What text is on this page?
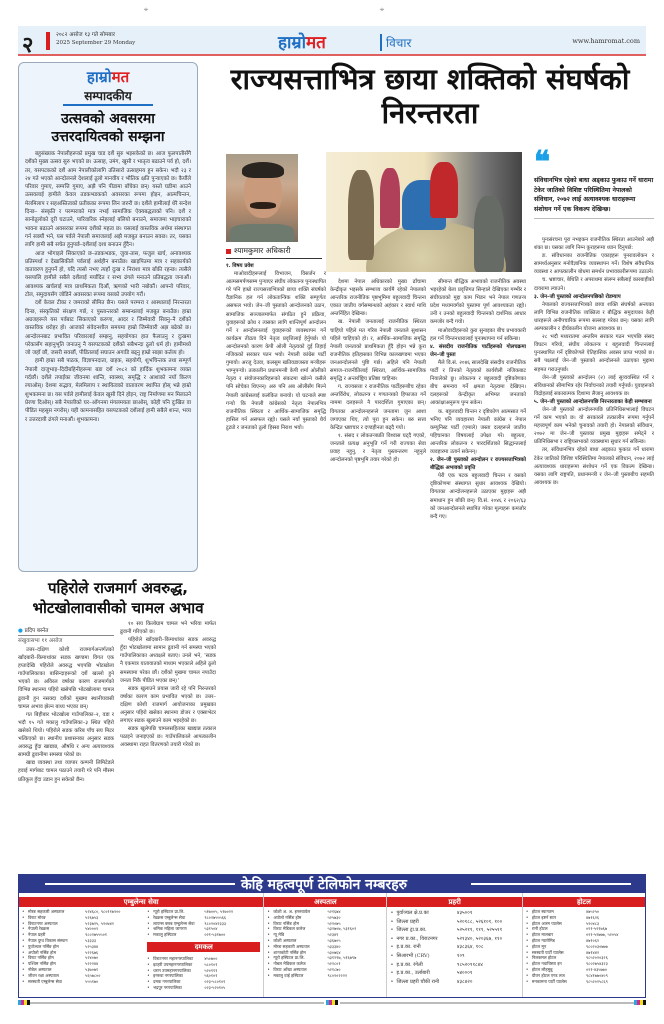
⌖	⌖
२	२०८२ असोज १३ गते सोमबार
2025 September 29 Monday	हाम्रोमत	विचार	www.hamromat.com
हाम्रोमत
सम्पादकीय
उत्सवको अवसरमा उत्तरदायित्वको सम्झना

बहुसंख्यक नेपालीहरूको प्रमुख चाड दशैं सुरु भइसकेको छ। आज फूलपातीसँगै दशैंको मुख्य उत्सव सुरु भएको छ। उत्साह, उमंग, खुसी र भातृत्व बढाउने पर्व हो, दशैं। तर, यसपटकको दशैं आम नेपालीकोलागि उतिसारो उत्साहमय हुन सकेन। भदौ २३ र २४ गते भएको आन्दोलनले देशलाई ठूलो मानवीय र भौतिक क्षति पुर्‍याएको छ। कैयौंले परिवार गुमाए, सम्पत्ति गुमाए, अझै पनि पीडामा बाँचेका छन्। यस्तो घडीमा आउने उत्सवलाई हामीले केवल तडकभडकको अवसरका रूपमा होइन, आत्मचिन्तन, मेलमिलाप र सहअस्तित्वको प्रतीकका रूपमा लिन जरुरी छ। दशैंले हामीलाई धेरै सन्देश दिन्छ– संस्कृति र परम्पराको मात्र नभई सामाजिक ऐक्यबद्धताको पनि। दशैं र सानोठूलोको दूरी घटाउने, पारिवारिक स्नेहलाई बलियो बनाउने, समाजमा भाइचाराको भावना बढाउने अवसरका रूपमा दशैंको महत्व छ। यसलाई वास्तविक अर्थमा संस्थागत गर्न सक्यौं भने, यस पर्वले नेपाली समाजलाई अझै मजबुत बनाउन सक्छ। तर, यसका लागि हामी सबै सचेत हुनुपर्छ–दशैंलाई दशा बनाउन हुँदैन।

आज भोगाइले सिकाएको छ–तडकभडक, जुवा-तास, फजुल खर्च, अनावश्यक प्रतिस्पर्धा र देखासिकीले पर्वलाई अर्थहीन बनाउँछ। खाइपिउमा मात्र र सहकार्यको वातावरण हुनुपर्ने हो, यदि त्यसो नभए त्यहाँ दुःख र निराशा मात्र बाँकी रहन्छ। त्यसैले यसपालि हामीले सबैले दशैंलाई मर्यादित र सभ्य ढंगले मनाउने प्रतिबद्धता जनाऔं। आवश्यक खर्चलाई मात्र प्राथमिकता दिऔं, ऋणको भारी नबोकौं। आफ्नो परिवार, टोल, समुदायसँग जोडिने अवसरका रूपमा यसको उपयोग गरौं।

दशैं केवल टीका र जमराको सीमित छैन। यसले परम्परा र आस्थालाई निरन्तरता दिन्छ, संस्कृतिको संरक्षण गर्छ, र पुस्तान्तरको सम्बन्धलाई मजबुत बनाउँछ। हाम्रा अग्रजहरूले यस पर्वबाट सिकाएको करुणा, आदर र जिम्मेवारी सिक्नु–नै दशैंको वास्तविक धरोहर हो। आजको संवेदनशील समयमा हाम्रो जिम्मेवारी अझ बढेको छ। आन्दोलनबाट प्रभावित परिवारलाई सम्झनु, सहयोगका हात फैलाउनु र दुःखमा परेकासँग सहानुभूति जनाउनु नै यसपटकको दशैंको सबैभन्दा ठूलो धर्म हो। हामीमध्ये जो जहाँ छौं, जसरी सक्छौं, पीडितलाई सघाउन अगाडि बढ्नु हाम्रो साझा कर्तव्य हो।

हामी हाम्रा सबै पाठक, विज्ञापनदाता, ग्राहक, सहयोगी, शुभचिन्तक तथा सम्पूर्ण नेपाली दाजुभाइ–दिदीबहिनीहरूमा बडा दशैं २०८२ को हार्दिक शुभकामना व्यक्त गर्दछौं। दशैंले तपाईंका जीवनमा शान्ति, स्वास्थ्य, समृद्धि र आशाको नयाँ किरण ल्याओस्। देशमा सद्भाव, मेलमिलाप र स्थायित्वको वातावरण स्थापित होस् भन्ने हाम्रो शुभकामना छ। यस पर्वले हामीलाई केवल खुसी दिने होइन, राष्ट्र निर्माणमा मन मिलाउने प्रेरणा दिओस्। सबै नेपालीको घर–आँगनमा मंगलमयता छाओस्, कोही पनि दुःखित वा पीडित महसुस नगरोस्। यही कामनासहित यसपटकको दशैंलाई हामी सबैले शान्त, भव्य र उत्तरदायी ढंगले मनाऔं। शुभकामना।

राज्यसत्ताभित्र छाया शक्तिको संघर्षको निरन्तरता
श्यामकुमार अधिकारी
❝
संविधानभित्र रहेको बाधा अड्काउ फुकाउ गर्ने धारामा टेकेर जातिको विशिष्ट परिस्थितिमा नेपालको संविधान, २०७२ लाई अत्यावश्यक धाराहरूमा संशोधन गर्ने एक विकल्प देखिन्छ।

१. विषय प्रवेश

माओवादीहरूलाई विभाजन, विसर्जन र आत्मसमर्पणसम्म पुर्‍याएर संघीय लोकतन्त्र पुनःस्थापित गरे पनि हाम्रो राज्यसत्ताभित्रको छाया शक्ति संघर्षको वैज्ञानिक हल गर्न लोकतान्त्रिक शक्ति सम्पूर्णतः असफल भयो। जेन–जी पुस्ताको आन्दोलनको उठान, सामाजिक सञ्जालमार्फत संगठित हुने प्रक्रिया, युवाहरूको क्रोध र त्यसका लागि शान्तिपूर्ण आन्दोलन गर्ने र आन्दोलनलाई युवाहरूको व्यवस्थापन गर्ने कार्यक्रम तीव्रता दिने नेतृत्व प्रवृत्तिलाई हेर्नुपर्छ। यो आन्दोलनको कारण केपी ओली नेतृत्वको दुई तिहाई नजिकको सरकार पतन भयो। नेपाली कांग्रेस पार्टी गुमायो। अरजु देउवा, कलसुम खतिवडाजस्ता मन्त्रीहरू भाग्नुपर्‍यो। तत्कालीन प्रधानमन्त्री केपी शर्मा ओलीको नेतृत्व र संयोजनकारिहरूको संकटमा खोल्ने कसैले पनि सोचेका थिएनन्। अरु पनि अब ओलीसँग मिल्ने नेपाली कांग्रेसलाई कलंकित बनायो। यो घटनाले स्पष्ट गर्‍यो कि नेपाली कांग्रेसको नेतृत्व नेपालभित्र राजनीतिक स्थिरता र आर्थिक–सामाजिक समृद्धि हासिल गर्न असफल रह्यो। यसले नयाँ पुस्ताको धैर्य टुट्यो र जनताको ठूलो हिस्सा निराश भयो।

देशमा नेपाल अधिकारको मुख्य ढाँचामा केन्द्रीकृत भइसके सम्भाव्य कार्यमै रहेको नेपालको आन्तरिक राजनीतिक पृष्ठभूमिमा बहुलवादी चिन्तना एकात जातीय वर्गसम्बन्धको अहंकार र स्वार्थ माथि अन्तर्निहित देखिन्छ।

ख. नेपाली जनतालाई राजनीतिक स्थिरता चाहियो पहिले मत गरिब नेपाली जनताले सुशासन पहिले चाहिएको हो। र, आर्थिक–सामाजिक समृद्धि नेपाली जनताको प्राथमिकता हुँदै होइन भन्ने कुरा राजनीतिक इतिहासका विभिन्न कालखण्डमा भएका जनआन्दोलनले पुष्टि गर्छ। अहिले पनि नेपाली समाज–राजनीतिलाई स्थिरता, आर्थिक–सामाजिक समृद्धि र अन्तर्राष्ट्रिय प्रतिष्ठा चाहिन्छ।

ग. राज्यसत्ता र राजनीतिक पार्टीहरूबीच रहेका अन्तर्विरोध, लोकतन्त्र र गणतन्त्रको हिफाजत गर्ने नाममा दलहरूले नै पारदर्शिता गुमाएका छन्। विगतका आन्दोलनहरूले जनतामा जुन आशा जगाएका थिए, त्यो पूरा हुन सकेन। बरु सत्ता केन्द्रित भ्रष्टाचार र दण्डहीनता बढ्दै गयो।

१. संसद र लोकतन्त्रप्रति विश्वास घट्दै गएको, जनताले प्रत्यक्ष अनुभूति गर्ने गरी राज्यका सेवा प्रवाह नहुनु, र नेतृत्व पुस्तान्तरण नहुनुले आन्दोलनको पृष्ठभूमि तयार गरेको हो।

सीमान्त बौद्धिक अभावको राजनीतिक अवस्था भइरहेको बेला प्रवृत्तिगत सिन्हाले देखिएका गम्भीर र संघीयताको मुद्दा काम भिडन भने नेपाल गणतन्त्र प्रदेश मध्यमवर्गको पुस्तामा पूर्ण आवश्यकता रह्यो। उनी र उनको बहुलवादी चिन्तनको दार्शनिक आधार कमजोर बन्दै गयो।

माओवादीहरूको कुरा सुनाइका बीच प्रभावकारी हल गर्ने चिन्तनधारालाई पुनःस्थापना गर्न सकिन्छ।

४. संसदीय राजनीतिक पार्टीहरूको गोलचक्रमा जेन–जी पुस्ता

मैले वि.सं. २०४६ सालदेखि संसदीय राजनीतिक पार्टी र तिनको नेतृत्वको कार्यशैली नजिकबाट नियालेको छु। लोकतन्त्र र बहुलवादी दृष्टिकोणका बीच समन्वय गर्ने क्षमता नेतृत्वमा देखिएन। दलहरूको केन्द्रीकृत अभिमत जनताको आकांक्षाअनुरूप पुग्न सकेन।

क. बहुलवादी चिन्तन र दृष्टिकोण आत्मसात गर्ने भनिए पनि व्यवहारमा नेपाली कांग्रेस र नेपाल कम्युनिस्ट पार्टी (एमाले) जस्ता दलहरूले जातीय पहिचानका विषयलाई उपेक्षा गरे। बहुलता, आन्तरिक लोकतन्त्र र पारदर्शिताको सिद्धान्तलाई व्यवहारमा उतार्न सकेनन्।

२. जेन–जी पुस्ताको आन्दोलन र राज्यसत्ताभित्रको बौद्धिक अभावको प्रवृत्ति

पेरी एक पटक बहुलवादी चिन्तन र यसको दृष्टिकोणमा संस्थागत सुधार आवश्यक देखियो। विगतका आन्दोलनहरूले उठाएका मुद्दाहरू अझै समाधान हुन बाँकी छन्। वि.सं. २०४६ र २०६२/६३ को जनआन्दोलनले स्थापित गरेका मूल्यहरू कमजोर बन्दै गए।

पुनःसंरचना पूरा नभइकन राजनीतिक स्थिरता आउनेबारे अझै शंका छ। यसका लागि निम्न कुराहरूमा ध्यान दिनुपर्छ:

ङ. संविधानका राजनीतिक एकाइहरू पुनरावलोकन र सामर्थ्यअनुसार मनोवैज्ञानिक व्यवस्थापन गर्ने। विशेष संवैधानिक व्यवस्था र आपत्कालीन बोधमा समर्थन प्रभावकारीरूपमा उठाउने।

च. भ्रष्टाचार, बेथिति र अपराधमा संलग्न सबैलाई कारबाहीको दायरामा ल्याउने।

३. जेन–जी पुस्ताको आन्दोलनपछिको रोडम्याप

नेपालको राज्यसत्ताभित्रको छाया शक्ति संघर्षको अन्त्यका लागि विभिन्न राजनीतिक व्यक्तित्व र बौद्धिक समुदायका केही धारहरूले अनौपचारिक रूपमा सल्लाह गरेका छन्। यसका लागि अल्पकालीन र दीर्घकालीन योजना आवश्यक छ।

२८ भदौ मध्यरातमा अन्तरिम सरकार गठन भएपछि संसद विघटन गरियो, संघीय लोकतन्त्र र बहुलवादी चिन्तनलाई पुनःस्थापित गर्ने दृष्टिकोणले ऐतिहासिक अवसर प्राप्त भएको छ। सबै पक्षलाई जेन–जी पुस्ताको आन्दोलनले उठाएका मुद्दामा सहमत गराउनुपर्छ।

जेन–जी पुस्ताको आन्दोलन (२) लाई सुव्यवस्थित गर्ने र संविधानको सीमाभित्र रहेर निर्वाचनको तयारी गर्नुपर्छ। युवाहरूको विद्रोहलाई सकारात्मक दिशामा लैजानु आवश्यक छ।

५. जेन–जी पुस्ताको आन्दोलनपछि निरन्तरताका केही सम्भावना

जेन–जी पुस्ताको आन्दोलनपछि प्रतिनिधिसभालाई विघटन गर्ने काम भएको छ। यो सरकारले तत्कालीन रूपमा गर्नुपर्ने महत्त्वपूर्ण काम भनेको चुनावको तयारी हो। नेपालको संविधान, २०७२ मा जेन–जी पुस्ताका प्रमुख मुद्दाहरू समेट्ने र प्रतिनिधिसभा र राष्ट्रियसभाको व्यवस्थामा सुधार गर्न सकिन्छ।

तर, संविधानभित्र रहेको बाधा अड्काउ फुकाउ गर्ने धारामा टेकेर जातिको विशिष्ट परिस्थितिमा नेपालको संविधान, २०७२ लाई अत्यावश्यक धाराहरूमा संशोधन गर्ने एक विकल्प देखिन्छ। यसका लागि राष्ट्रपति, प्रधानमन्त्री र जेन–जी पुस्ताबीच सहमति आवश्यक छ।

पहिरोले राजमार्ग अवरुद्ध, भोटखोलावासीको चामल अभाव
● प्रदिप बस्नेत
संखुवासभा ११ असोज

उत्तर–दक्षिण कोशी राजमार्गअन्तर्गतको खाँदबारी–किमाथांका सडक खण्डमा विगत एक हप्तादेखि पहिरोले अवरुद्ध भएपछि भोटखोला गाउँपालिकाका बासिन्दाहरूको दशैं खल्लो हुने भएको छ। अविरल वर्षाका कारण राजमार्गको विभिन्न स्थानमा पहिरो खसेपछि भोटखोलामा चामल ढुवानी हुन नसक्दा दशैंको मुखमा स्थानीयवासी चामल अभाव झेल्न बाध्य भएका छन्।

गत बिहीबार भोटखोला गाउँपालिका–२, वडा र भदौ १५ गते मकालु गाउँपालिका–३ स्थित पहिरो खसेको थियो। पहिरोले सडक करिब पाँच सय मिटर भत्किएको छ। स्थानीय प्रशासनका अनुसार सडक अवरुद्ध हुँदा खाद्यान्न, औषधि र अन्य अत्यावश्यक सामग्री ढुवानीमा समस्या परेको छ।

खाद्य व्यवस्था तथा व्यापार कम्पनी लिमिटेडले हवाई मार्गबाट चामल पठाउने तयारी गरे पनि मौसम प्रतिकूल हुँदा उडान हुन सकेको छैन।

१० सय किलोग्राम चामल भने भरिया मार्फत ढुवानी गरिएको छ।

पहिरोले खाँदबारी–किमाथांका सडक अवरुद्ध हुँदा भोटखोलामा सामान ढुवानी गर्न समस्या भएको गाउँपालिकाका अध्यक्षले बताए। उनले भने, 'सडक नै एकमात्र यातायातको माध्यम भएकाले अहिले ठूलो समस्यामा परेका छौं। दशैंको मुखमा चामल नपाउँदा जनता निकै पीडित भएका छन्।'

सडक खुलाउने प्रयास जारी रहे पनि निरन्तरको वर्षाका कारण काम प्रभावित भएको छ। उत्तर–दक्षिण कोशी राजमार्ग आयोजनाका प्रमुखका अनुसार पहिरो खसेका स्थानमा डोजर र एक्साभेटर लगाएर सडक खुलाउने काम भइरहेको छ।

सडक खुलेपछि चामलसहितका खाद्यान्न तत्काल पठाइने जनाइएको छ। गाउँपालिकाले आपत्कालीन अवस्थामा राहत वितरणको तयारी गरेको छ।

केहि महत्वपूर्ण टेलिफोन नम्बरहरु
एम्बुलेन्स सेवा
• मोरङ सहकारी अस्पताल	५२४६८०, ९८०११७२००
• विराट मोरङ	५२६७५३
• विराटनगर अस्पताल	५२३७२५, ५२०७४२
• नेपाली रेडक्रस	५४०००२
• नेपाल प्रहरी	९८०२७५५५०१
• नेपाल दुग्ध विकास संस्थान	५३३३३
• पुर्वाञ्चल नर्सिङ होम	५२५३४४
• अपोलो नर्सिङ होम	५२२६७६
• विराट नर्सिङ होम	५२४०७०
• पश्चिम नर्सिङ होम	५२२२४४
• नोबेल अस्पताल	५३७०७१
• जीवन रक्षा अस्पताल	५६५७८००
• सरस्वती एम्बुलेन्स सेवा	५५५१७०
• न्यूरो हस्पिटल प्रा.लि.	५१७००५, ५१७०२२
• रेडक्रस एम्बुलेन्स सेवा	९८०२७५५५६६
• लायन्स क्लब एम्बुलेन्स सेवा	९८०२०४२३३३
• श्रमिक महिला जागरण	५३१५०४
• मकालु हस्पिटल	०२१-५३१७००
दमकल
• विराटनगर महानगरपालिका	४५०७००
• इटहरी उपमहानगरपालिका	५८०१०१
• धरान उपमहानगरपालिका	५२०१११
• इनरुवा नगरपालिका	५६०१०१
• दमक नगरपालिका	०२३-५८०१०१
• भद्रपुर नगरपालिका	०२३-५२०१०५
अस्पताल
• कोशी अ. अ. इनरुवावेल	५२१६७४
• अपोलो नर्सिङ होम	५२५७३०
• विराट नर्सिङ होम	५२२०७५
• विराट मेडिकल कलेज	५३२७०७, ५३१६०२
• न्यू मेडि	५२३४९
• कोशी अस्पताल	५३६७०५
• मोरङ सहकारी अस्पताल	५३३३४०
• शान्तकोटी नर्सिङ होम	५३०७६४
• न्यूरो हस्पिटल प्रा.लि.	५३१२९७, ५१६७९७
• नोबल मेडिकल कलेज	५२२८०१
• विराट आँखा अस्पताल	५२१८७०
• मकालु वाई हस्पिटल	९८०२०२२२२
प्रहरी
• पुर्वाञ्चल क्षे.प्र.का	४३५००१
• जिल्ला प्रहरी	५२०१८८, ५२६१०१, १००
• जिल्ला ट्रा.प्र.का.	५२५२११, १११, ५२५५११
• नगर प्र.का., विराटनगर	५२१३४०, ५२०३६७, ११०
• इ.प्र.का. रानी	४३८३६४, १०८
• सिआरभी (CRV)	१०९
• इ.प्र.का. रंगेली	९८५२०९१८४४
• इ.प्र.का., उर्लाबारी	५४०००१
• जिल्ला प्रहरी चौकी रानी	४३८४२०
होटल
• होटल स्वागतम	४७५२५०
• होटल इष्टर्न स्टार	४७१६२६
• होटल आरम प्यालेस	५२०४८३
• रानी होटल	०२१-५२१७६७
• होटल मालबार	०२१-५२७७७, ५२०५४
• होटल न्यारोमिड	४७१०६२
• होटल मून	९८०२०३०७७७
• सरस्वती पार्टी प्यालेस	४७१४४२
• निलकमल होटल	९८५२०२०३२६
• होटल नवाचिस्ता इन	९८०२७५४३२३
• होटल लौहमुन्नु	०२१-४३५७७०
• यौवन होटल एण्ड लज	९८४१७७०४०९
• मनकामना पार्टी प्यालेस	९८५२०२५८६९
